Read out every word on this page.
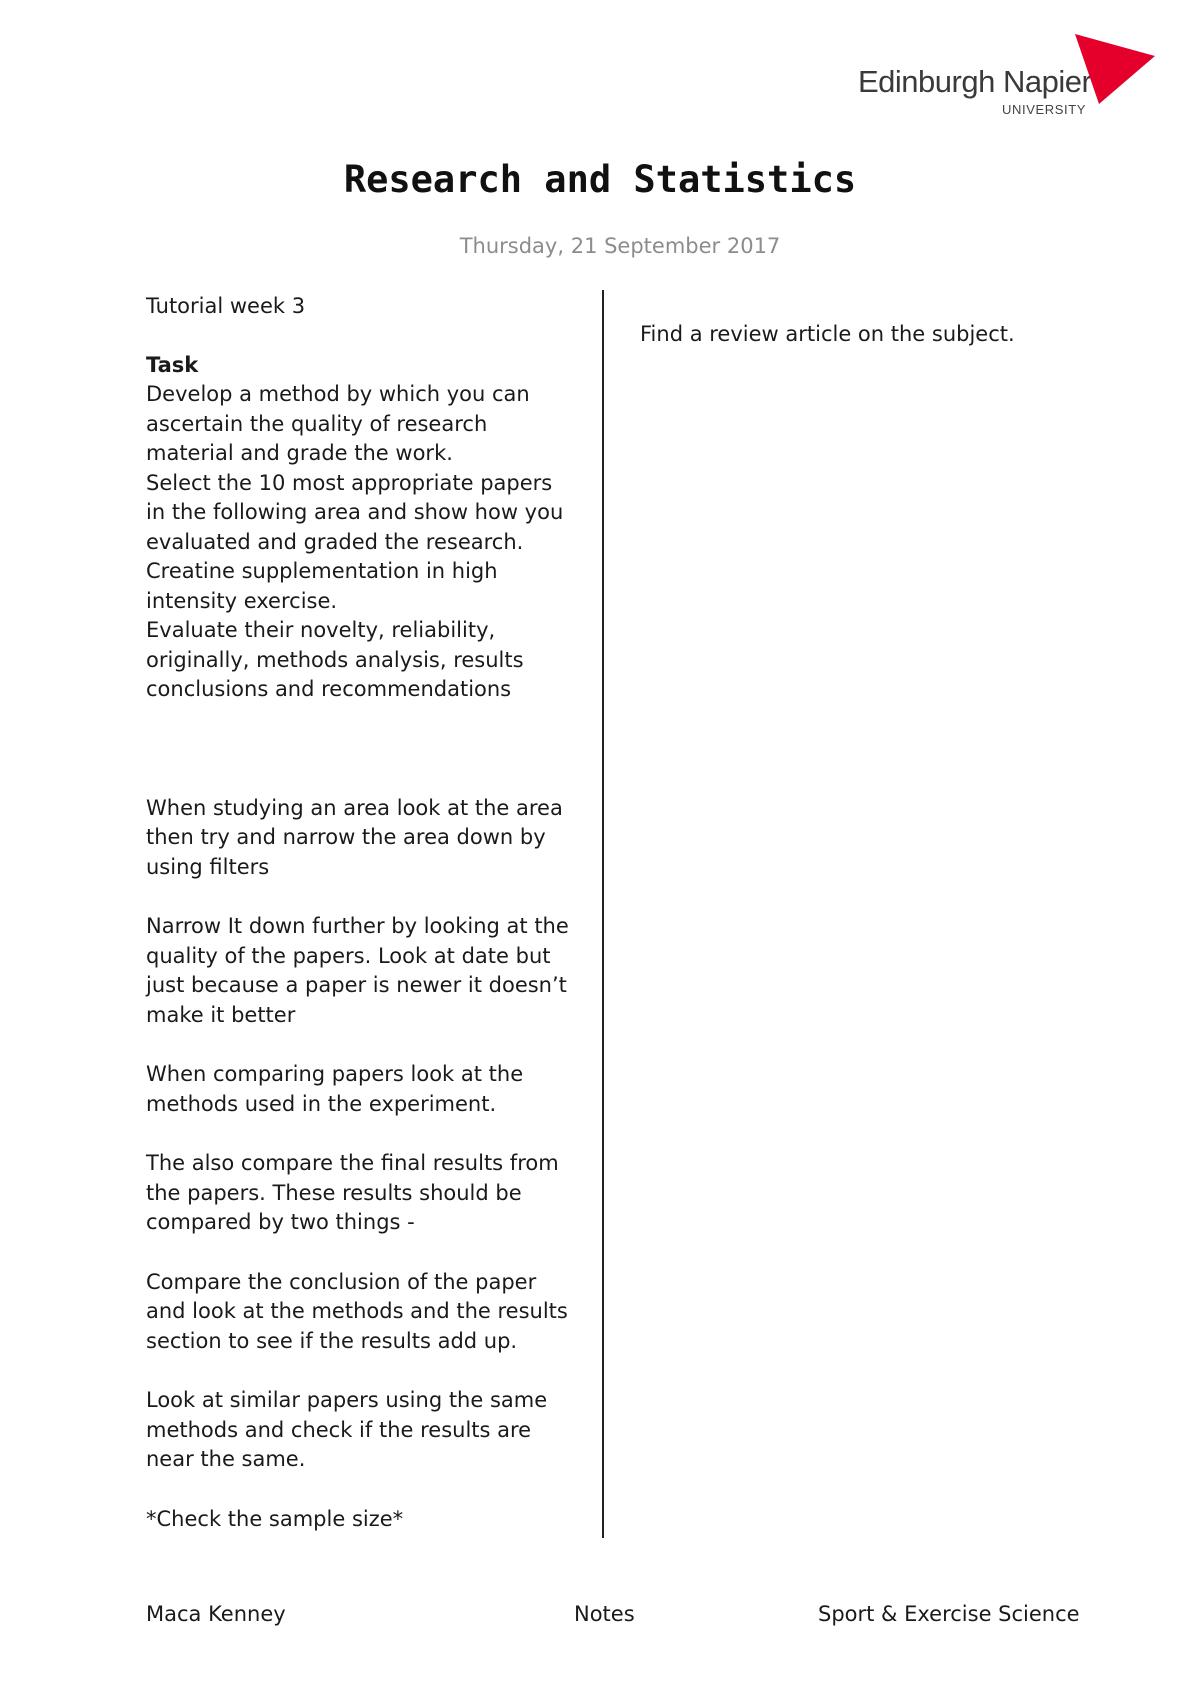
Edinburgh Napier
UNIVERSITY
Research and Statistics
Thursday, 21 September 2017

Tutorial week 3

Task

Develop a method by which you can ascertain the quality of research material and grade the work.

Select the 10 most appropriate papers in the following area and show how you evaluated and graded the research.

Creatine supplementation in high intensity exercise.

Evaluate their novelty, reliability, originally, methods analysis, results conclusions and recommendations

When studying an area look at the area then try and narrow the area down by using filters

Narrow It down further by looking at the quality of the papers. Look at date but just because a paper is newer it doesn’t make it better

When comparing papers look at the methods used in the experiment.

The also compare the final results from the papers. These results should be compared by two things -

Compare the conclusion of the paper and look at the methods and the results section to see if the results add up.

Look at similar papers using the same methods and check if the results are near the same.

*Check the sample size*

Find a review article on the subject.

Maca Kenney	Notes	Sport & Exercise Science
